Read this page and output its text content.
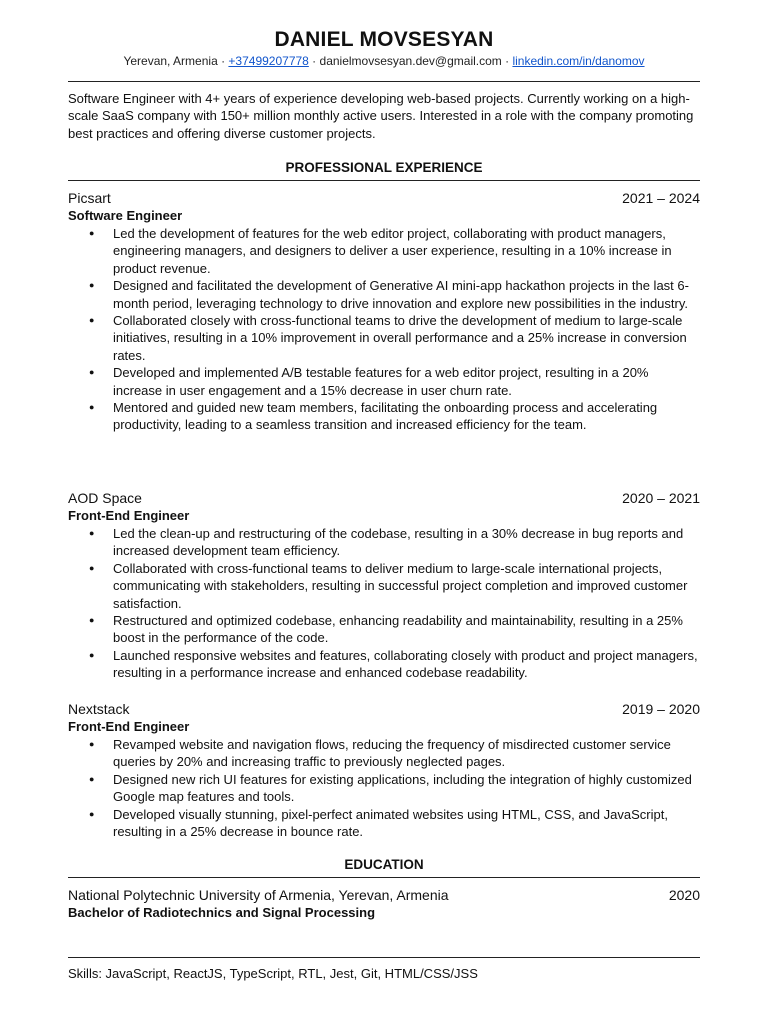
DANIEL MOVSESYAN
Yerevan, Armenia · +37499207778 · danielmovsesyan.dev@gmail.com · linkedin.com/in/danomov
Software Engineer with 4+ years of experience developing web-based projects. Currently working on a high-scale SaaS company with 150+ million monthly active users. Interested in a role with the company promoting best practices and offering diverse customer projects.
PROFESSIONAL EXPERIENCE
Picsart	2021 – 2024
Software Engineer
● Led the development of features for the web editor project, collaborating with product managers, engineering managers, and designers to deliver a user experience, resulting in a 10% increase in product revenue.
● Designed and facilitated the development of Generative AI mini-app hackathon projects in the last 6-month period, leveraging technology to drive innovation and explore new possibilities in the industry.
● Collaborated closely with cross-functional teams to drive the development of medium to large-scale initiatives, resulting in a 10% improvement in overall performance and a 25% increase in conversion rates.
● Developed and implemented A/B testable features for a web editor project, resulting in a 20% increase in user engagement and a 15% decrease in user churn rate.
● Mentored and guided new team members, facilitating the onboarding process and accelerating productivity, leading to a seamless transition and increased efficiency for the team.
AOD Space	2020 – 2021
Front-End Engineer
● Led the clean-up and restructuring of the codebase, resulting in a 30% decrease in bug reports and increased development team efficiency.
● Collaborated with cross-functional teams to deliver medium to large-scale international projects, communicating with stakeholders, resulting in successful project completion and improved customer satisfaction.
● Restructured and optimized codebase, enhancing readability and maintainability, resulting in a 25% boost in the performance of the code.
● Launched responsive websites and features, collaborating closely with product and project managers, resulting in a performance increase and enhanced codebase readability.
Nextstack	2019 – 2020
Front-End Engineer
● Revamped website and navigation flows, reducing the frequency of misdirected customer service queries by 20% and increasing traffic to previously neglected pages.
● Designed new rich UI features for existing applications, including the integration of highly customized Google map features and tools.
● Developed visually stunning, pixel-perfect animated websites using HTML, CSS, and JavaScript, resulting in a 25% decrease in bounce rate.
EDUCATION
National Polytechnic University of Armenia, Yerevan, Armenia	2020
Bachelor of Radiotechnics and Signal Processing
Skills: JavaScript, ReactJS, TypeScript, RTL, Jest, Git, HTML/CSS/JSS
